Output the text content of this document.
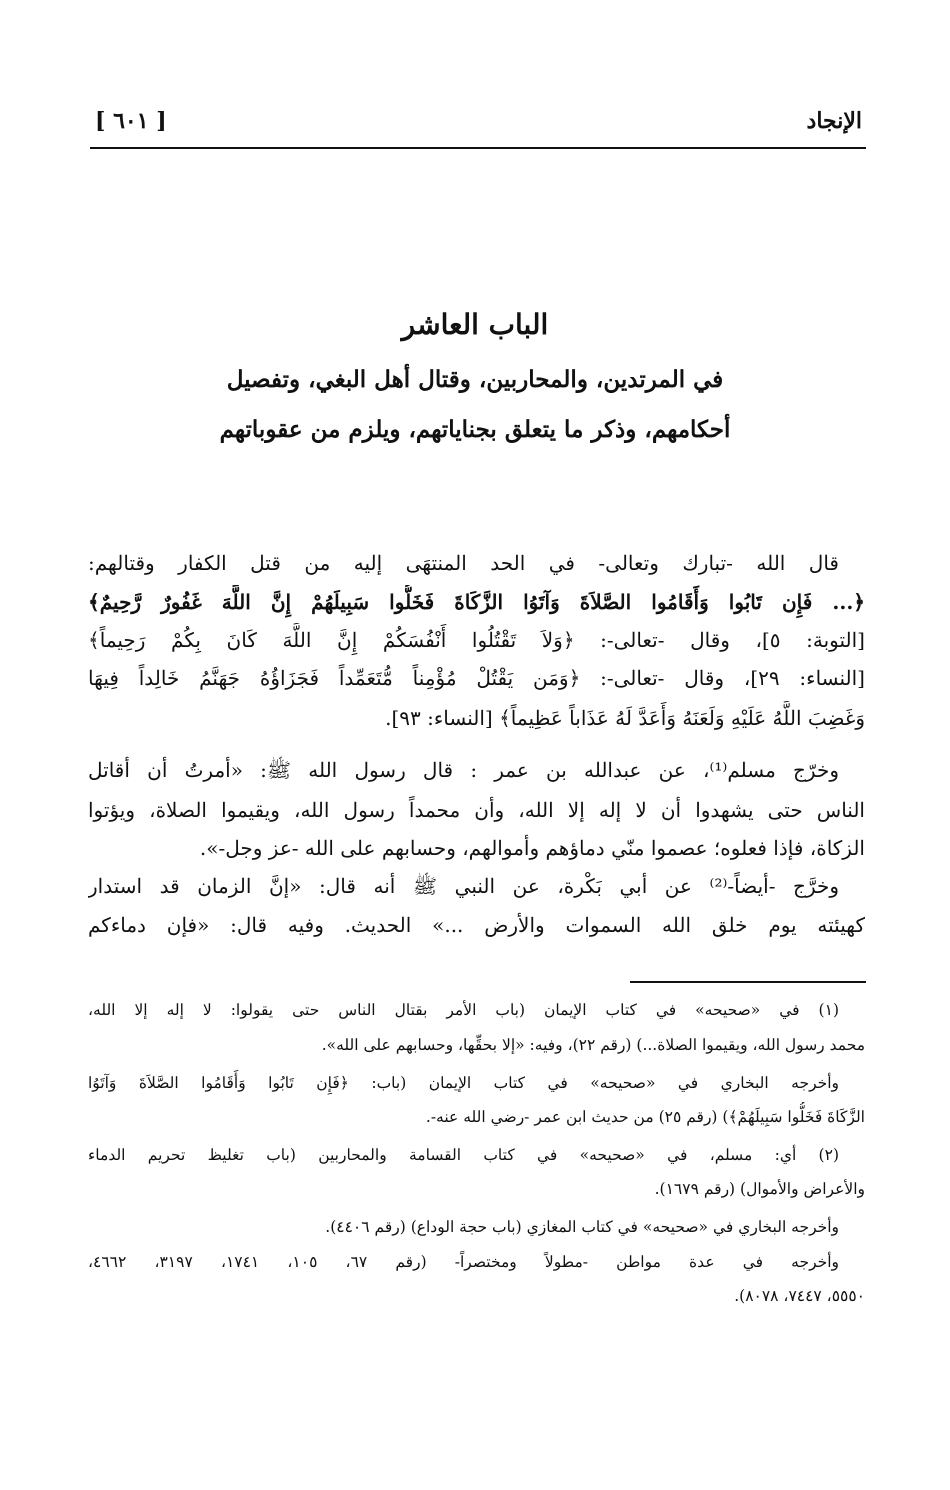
[ ٦٠١ ]	الإنجاد
الباب العاشر
في المرتدين، والمحاربين، وقتال أهل البغي، وتفصيل
أحكامهم، وذكر ما يتعلق بجناياتهم، ويلزم من عقوباتهم
قال الله -تبارك وتعالى- في الحد المنتهَى إليه من قتل الكفار وقتالهم:
﴿... فَإِن تَابُوا وَأَقَامُوا الصَّلاَةَ وَآتَوُا الزَّكَاةَ فَخَلُّوا سَبِيلَهُمْ إِنَّ اللَّهَ غَفُورٌ رَّحِيمٌ﴾
[التوبة: ٥]، وقال -تعالى-: ﴿وَلاَ تَقْتُلُوا أَنْفُسَكُمْ إِنَّ اللَّهَ كَانَ بِكُمْ رَحِيماً﴾
[النساء: ٢٩]، وقال -تعالى-: ﴿وَمَن يَقْتُلْ مُؤْمِناً مُّتَعَمِّداً فَجَزَاؤُهُ جَهَنَّمُ خَالِداً فِيهَا
وَغَضِبَ اللَّهُ عَلَيْهِ وَلَعَنَهُ وَأَعَدَّ لَهُ عَذَاباً عَظِيماً﴾ [النساء: ٩٣].
وخرّج مسلم⁽¹⁾، عن عبدالله بن عمر : قال رسول الله ﷺ: «أمرتُ أن أقاتل
الناس حتى يشهدوا أن لا إله إلا الله، وأن محمداً رسول الله، ويقيموا الصلاة، ويؤتوا
الزكاة، فإذا فعلوه؛ عصموا منّي دماؤهم وأموالهم، وحسابهم على الله -عز وجل-».
وخرَّج -أيضاً-⁽²⁾ عن أبي بَكْرة، عن النبي ﷺ أنه قال: «إنَّ الزمان قد استدار
كهيئته يوم خلق الله السموات والأرض ...» الحديث. وفيه قال: «فإن دماءكم
(١) في «صحيحه» في كتاب الإيمان (باب الأمر بقتال الناس حتى يقولوا: لا إله إلا الله،
محمد رسول الله، ويقيموا الصلاة...) (رقم ٢٢)، وفيه: «إلا بحقِّها، وحسابهم على الله».
وأخرجه البخاري في «صحيحه» في كتاب الإيمان (باب: ﴿فَإِن تَابُوا وَأَقَامُوا الصَّلاَةَ وَآتَوُا
الزَّكَاةَ فَخَلُّوا سَبِيلَهُمْ﴾) (رقم ٢٥) من حديث ابن عمر -رضي الله عنه-.
(٢) أي: مسلم، في «صحيحه» في كتاب القسامة والمحاربين (باب تغليظ تحريم الدماء
والأعراض والأموال) (رقم ١٦٧٩).
وأخرجه البخاري في «صحيحه» في كتاب المغازي (باب حجة الوداع) (رقم ٤٤٠٦).
وأخرجه في عدة مواطن -مطولاً ومختصراً- (رقم ٦٧، ١٠٥، ١٧٤١، ٣١٩٧، ٤٦٦٢،
٥٥٥٠، ٧٤٤٧، ٨٠٧٨).
